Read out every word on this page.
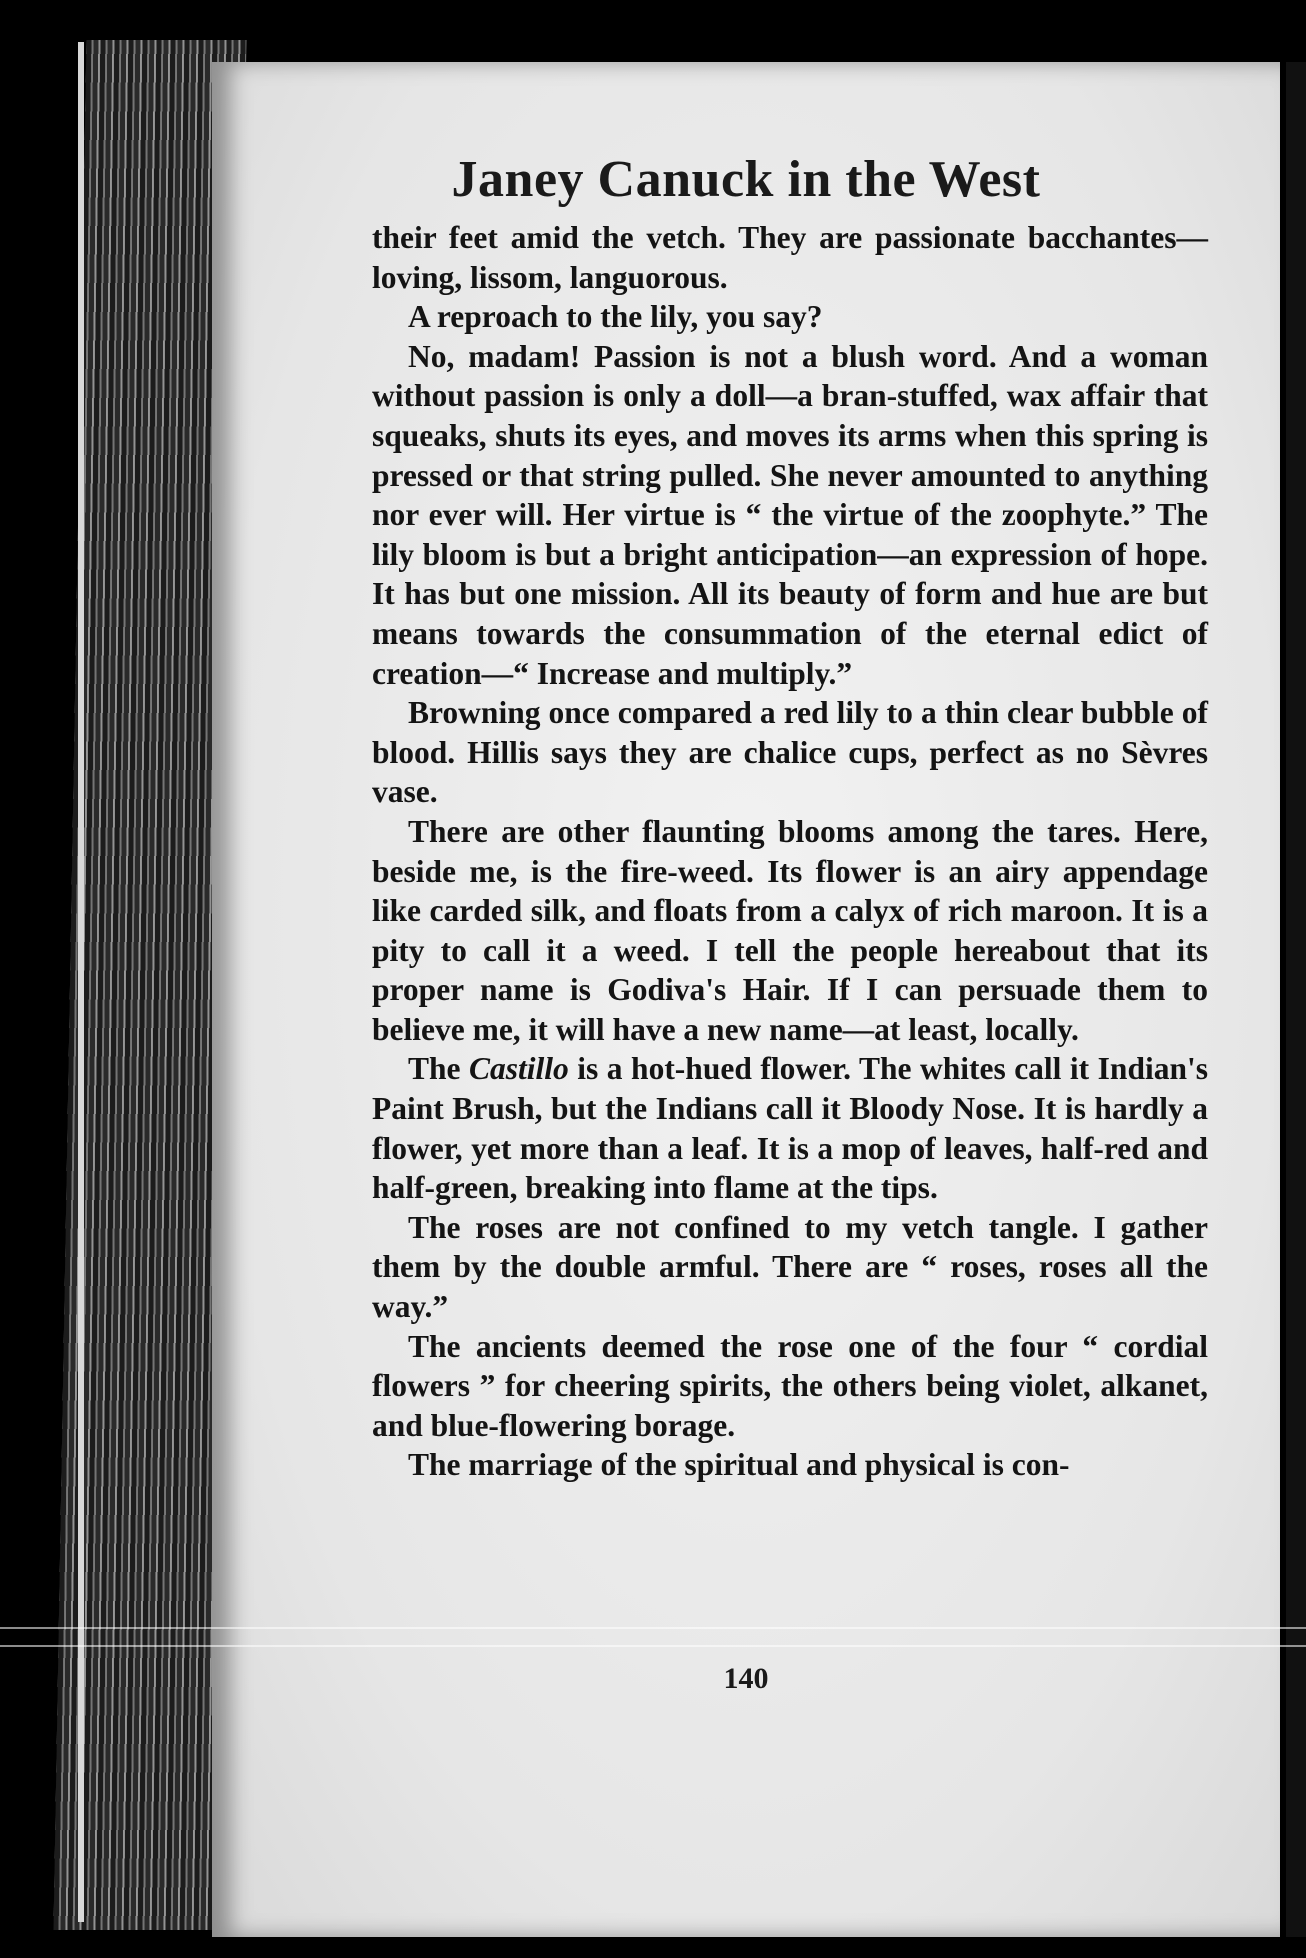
Janey Canuck in the West

their feet amid the vetch. They are passionate bacchantes—loving, lissom, languorous.

A reproach to the lily, you say?

No, madam! Passion is not a blush word. And a woman without passion is only a doll—a bran-stuffed, wax affair that squeaks, shuts its eyes, and moves its arms when this spring is pressed or that string pulled. She never amounted to anything nor ever will. Her virtue is “ the virtue of the zoophyte.” The lily bloom is but a bright anticipation—an expression of hope. It has but one mission. All its beauty of form and hue are but means towards the consummation of the eternal edict of creation—“ Increase and multiply.”

Browning once compared a red lily to a thin clear bubble of blood. Hillis says they are chalice cups, perfect as no Sèvres vase.

There are other flaunting blooms among the tares. Here, beside me, is the fire-weed. Its flower is an airy appendage like carded silk, and floats from a calyx of rich maroon. It is a pity to call it a weed. I tell the people hereabout that its proper name is Godiva's Hair. If I can persuade them to believe me, it will have a new name—at least, locally.

The Castillo is a hot-hued flower. The whites call it Indian's Paint Brush, but the Indians call it Bloody Nose. It is hardly a flower, yet more than a leaf. It is a mop of leaves, half-red and half-green, breaking into flame at the tips.

The roses are not confined to my vetch tangle. I gather them by the double armful. There are “ roses, roses all the way.”

The ancients deemed the rose one of the four “ cordial flowers ” for cheering spirits, the others being violet, alkanet, and blue-flowering borage.

The marriage of the spiritual and physical is con-

140
